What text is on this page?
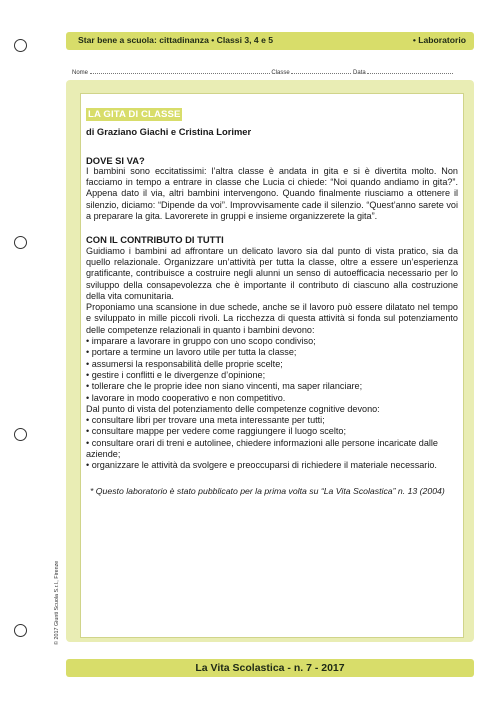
Star bene a scuola: cittadinanza • Classi 3, 4 e 5	• Laboratorio
Nome	Classe	Data
LA GITA DI CLASSE
di Graziano Giachi e Cristina Lorimer
DOVE SI VA?

I bambini sono eccitatissimi: l’altra classe è andata in gita e si è divertita molto. Non facciamo in tempo a entrare in classe che Lucia ci chiede: “Noi quando andiamo in gita?”. Appena dato il via, altri bambini intervengono. Quando finalmente riusciamo a ottenere il silenzio, diciamo: “Dipende da voi”. Improvvisamente cade il silenzio. “Quest’anno sarete voi a preparare la gita. Lavorerete in gruppi e insieme organizzerete la gita”.

CON IL CONTRIBUTO DI TUTTI

Guidiamo i bambini ad affrontare un delicato lavoro sia dal punto di vista pratico, sia da quello relazionale. Organizzare un’attività per tutta la classe, oltre a essere un’esperienza gratificante, contribuisce a costruire negli alunni un senso di autoefficacia necessario per lo sviluppo della consapevolezza che è importante il contributo di ciascuno alla costruzione della vita comunitaria.

Proponiamo una scansione in due schede, anche se il lavoro può essere dilatato nel tempo e sviluppato in mille piccoli rivoli. La ricchezza di questa attività si fonda sul potenziamento delle competenze relazionali in quanto i bambini devono:

• imparare a lavorare in gruppo con uno scopo condiviso;
• portare a termine un lavoro utile per tutta la classe;
• assumersi la responsabilità delle proprie scelte;
• gestire i conflitti e le divergenze d’opinione;
• tollerare che le proprie idee non siano vincenti, ma saper rilanciare;
• lavorare in modo cooperativo e non competitivo.

Dal punto di vista del potenziamento delle competenze cognitive devono:

• consultare libri per trovare una meta interessante per tutti;
• consultare mappe per vedere come raggiungere il luogo scelto;
• consultare orari di treni e autolinee, chiedere informazioni alle persone incaricate dalle aziende;
• organizzare le attività da svolgere e preoccuparsi di richiedere il materiale necessario.
* Questo laboratorio è stato pubblicato per la prima volta su “La Vita Scolastica” n. 13 (2004)
© 2017 Giunti Scuola S.r.l., Firenze
La Vita Scolastica - n. 7 - 2017
